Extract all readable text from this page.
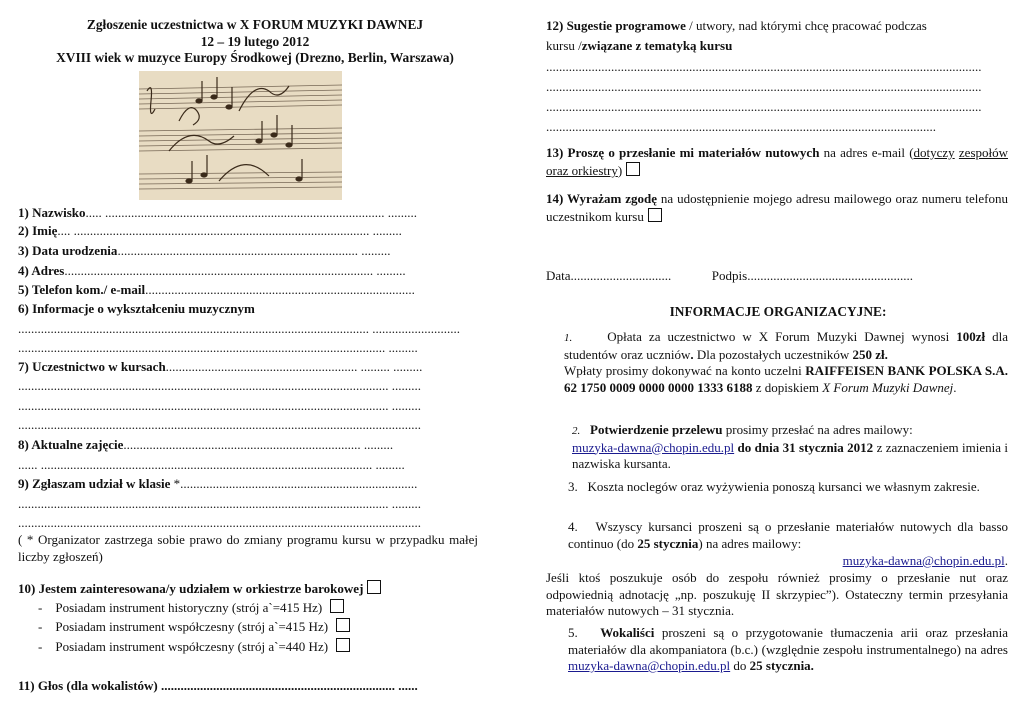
Zgłoszenie uczestnictwa w X FORUM MUZYKI DAWNEJ
12 – 19 lutego 2012
XVIII wiek w muzyce Europy Środkowej (Drezno, Berlin, Warszawa)
1) Nazwisko..... ...................................................................................... .........
2) Imię.... ........................................................................................... .........
3) Data urodzenia.......................................................................... .........
4) Adres............................................................................................... .........
5) Telefon kom./ e-mail...................................................................................
6) Informacje o wykształceniu muzycznym
............................................................................................................ ...........................
................................................................................................................. .........
7) Uczestnictwo w kursach........................................................... ......... .........
.................................................................................................................. .........
.................................................................................................................. .........
............................................................................................................................
8) Aktualne zajęcie......................................................................... .........
...... ...................................................................................................... .........
9) Zgłaszam udział w klasie *.........................................................................
.................................................................................................................. .........
............................................................................................................................
( * Organizator zastrzega sobie prawo do zmiany programu kursu w przypadku małej liczby zgłoszeń)
10) Jestem zainteresowana/y udziałem w orkiestrze barokowej
-    Posiadam instrument historyczny (strój a`=415 Hz)
-    Posiadam instrument współczesny (strój a`=415 Hz)
-    Posiadam instrument współczesny (strój a`=440 Hz)
11) Głos (dla wokalistów) ........................................................................ ......
12) Sugestie programowe / utwory, nad którymi chcę pracować podczas
kursu /związane z tematyką kursu
......................................................................................................................................
......................................................................................................................................
......................................................................................................................................
........................................................................................................................
13) Proszę o przesłanie mi materiałów nutowych na adres e-mail (dotyczy zespołów oraz orkiestry)
14) Wyrażam zgodę na udostępnienie mojego adresu mailowego oraz numeru telefonu uczestnikom kursu
Data...............................	Podpis...................................................
INFORMACJE ORGANIZACYJNE:
1.	Opłata za uczestnictwo w X Forum Muzyki Dawnej wynosi 100zł dla studentów oraz uczniów. Dla pozostałych uczestników 250 zł.
Wpłaty prosimy dokonywać na konto uczelni RAIFFEISEN BANK POLSKA S.A. 62 1750 0009 0000 0000 1333 6188 z dopiskiem X Forum Muzyki Dawnej.
2. Potwierdzenie przelewu prosimy przesłać na adres mailowy:
muzyka-dawna@chopin.edu.pl do dnia 31 stycznia 2012 z zaznaczeniem imienia i nazwiska kursanta.
3. Koszta noclegów oraz wyżywienia ponoszą kursanci we własnym zakresie.
4. Wszyscy kursanci proszeni są o przesłanie materiałów nutowych dla basso continuo (do 25 stycznia) na adres mailowy:
muzyka-dawna@chopin.edu.pl.
Jeśli ktoś poszukuje osób do zespołu również prosimy o przesłanie nut oraz odpowiednią adnotację „np. poszukuję II skrzypiec”). Ostateczny termin przesyłania materiałów nutowych – 31 stycznia.
5. Wokaliści proszeni są o przygotowanie tłumaczenia arii oraz przesłania materiałów dla akompaniatora (b.c.) (względnie zespołu instrumentalnego) na adres muzyka-dawna@chopin.edu.pl do 25 stycznia.
